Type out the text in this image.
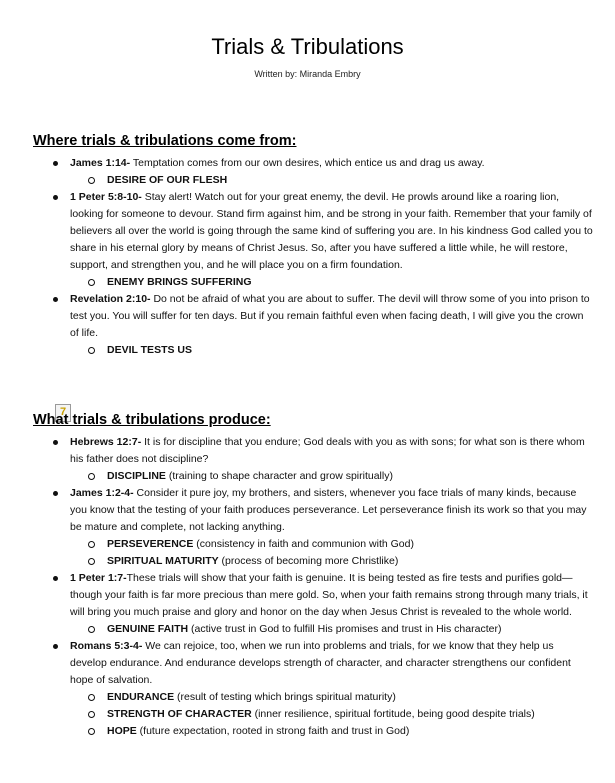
Trials & Tribulations
Written by: Miranda Embry
Where trials & tribulations come from:
James 1:14- Temptation comes from our own desires, which entice us and drag us away.
DESIRE OF OUR FLESH
1 Peter 5:8-10- Stay alert! Watch out for your great enemy, the devil. He prowls around like a roaring lion, looking for someone to devour. Stand firm against him, and be strong in your faith. Remember that your family of believers all over the world is going through the same kind of suffering you are. In his kindness God called you to share in his eternal glory by means of Christ Jesus. So, after you have suffered a little while, he will restore, support, and strengthen you, and he will place you on a firm foundation.
ENEMY BRINGS SUFFERING
Revelation 2:10- Do not be afraid of what you are about to suffer. The devil will throw some of you into prison to test you. You will suffer for ten days. But if you remain faithful even when facing death, I will give you the crown of life.
DEVIL TESTS US
7
What trials & tribulations produce:
Hebrews 12:7- It is for discipline that you endure; God deals with you as with sons; for what son is there whom his father does not discipline?
DISCIPLINE (training to shape character and grow spiritually)
James 1:2-4- Consider it pure joy, my brothers, and sisters, whenever you face trials of many kinds, because you know that the testing of your faith produces perseverance. Let perseverance finish its work so that you may be mature and complete, not lacking anything.
PERSEVERENCE (consistency in faith and communion with God)
SPIRITUAL MATURITY (process of becoming more Christlike)
1 Peter 1:7-These trials will show that your faith is genuine. It is being tested as fire tests and purifies gold—though your faith is far more precious than mere gold. So, when your faith remains strong through many trials, it will bring you much praise and glory and honor on the day when Jesus Christ is revealed to the whole world.
GENUINE FAITH (active trust in God to fulfill His promises and trust in His character)
Romans 5:3-4- We can rejoice, too, when we run into problems and trials, for we know that they help us develop endurance. And endurance develops strength of character, and character strengthens our confident hope of salvation.
ENDURANCE (result of testing which brings spiritual maturity)
STRENGTH OF CHARACTER (inner resilience, spiritual fortitude, being good despite trials)
HOPE (future expectation, rooted in strong faith and trust in God)
